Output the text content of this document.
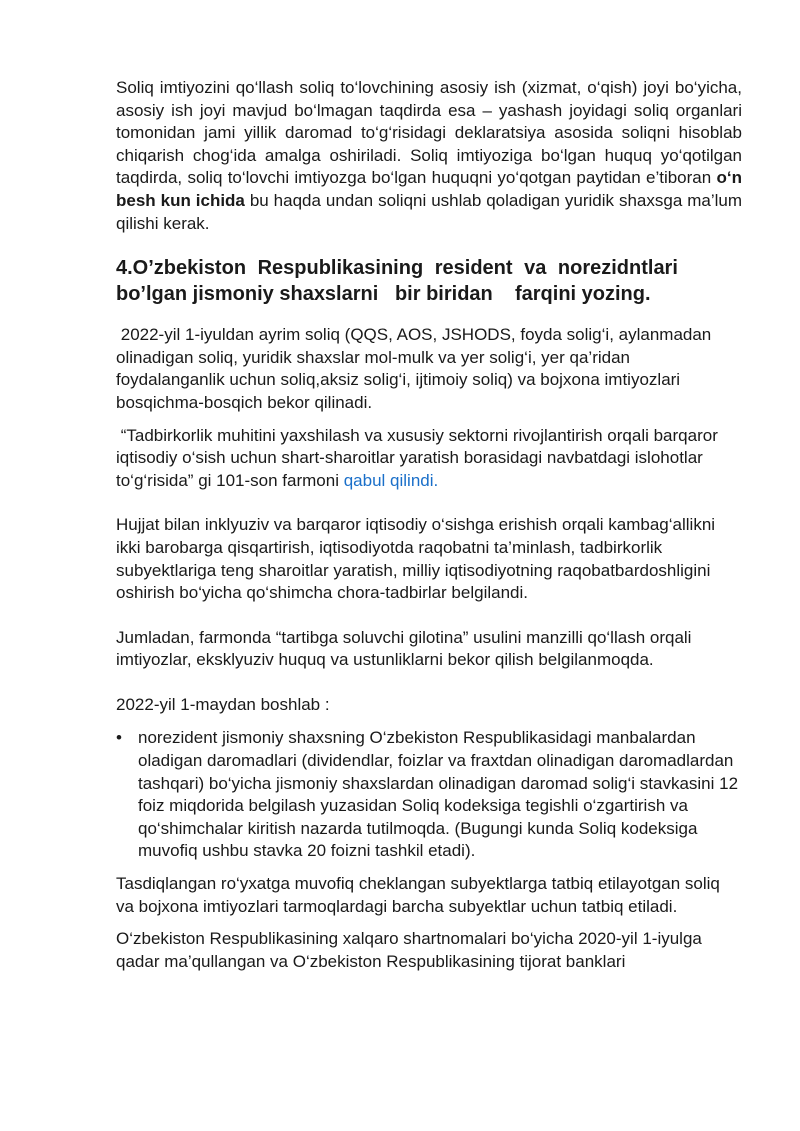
Soliq imtiyozini qo‘llash soliq to‘lovchining asosiy ish (xizmat, o‘qish) joyi bo‘yicha, asosiy ish joyi mavjud bo‘lmagan taqdirda esa – yashash joyidagi soliq organlari tomonidan jami yillik daromad to‘g‘risidagi deklaratsiya asosida soliqni hisoblab chiqarish chog‘ida amalga oshiriladi. Soliq imtiyoziga bo‘lgan huquq yo‘qotilgan taqdirda, soliq to‘lovchi imtiyozga bo‘lgan huquqni yo‘qotgan paytidan e’tiboran o‘n besh kun ichida bu haqda undan soliqni ushlab qoladigan yuridik shaxsga ma’lum qilishi kerak.

4.O’zbekiston Respublikasining resident va norezidntlari
bo’lgan jismoniy shaxslarni   bir biridan    farqini yozing.

2022-yil 1-iyuldan ayrim soliq (QQS, AOS, JSHODS, foyda solig‘i, aylanmadan olinadigan soliq, yuridik shaxslar mol-mulk va yer solig‘i, yer qa’ridan foydalanganlik uchun soliq,aksiz solig‘i, ijtimoiy soliq) va bojxona imtiyozlari bosqichma-bosqich bekor qilinadi.

“Tadbirkorlik muhitini yaxshilash va xususiy sektorni rivojlantirish orqali barqaror iqtisodiy o‘sish uchun shart-sharoitlar yaratish borasidagi navbatdagi islohotlar to‘g‘risida” gi 101-son farmoni qabul qilindi.

Hujjat bilan inklyuziv va barqaror iqtisodiy o‘sishga erishish orqali kambag‘allikni ikki barobarga qisqartirish, iqtisodiyotda raqobatni ta’minlash, tadbirkorlik subyektlariga teng sharoitlar yaratish, milliy iqtisodiyotning raqobatbardoshligini oshirish bo‘yicha qo‘shimcha chora-tadbirlar belgilandi.

Jumladan, farmonda “tartibga soluvchi gilotina” usulini manzilli qo‘llash orqali imtiyozlar, eksklyuziv huquq va ustunliklarni bekor qilish belgilanmoqda.

2022-yil 1-maydan boshlab :

• norezident jismoniy shaxsning O‘zbekiston Respublikasidagi manbalardan oladigan daromadlari (dividendlar, foizlar va fraxtdan olinadigan daromadlardan tashqari) bo‘yicha jismoniy shaxslardan olinadigan daromad solig‘i stavkasini 12 foiz miqdorida belgilash yuzasidan Soliq kodeksiga tegishli o‘zgartirish va qo‘shimchalar kiritish nazarda tutilmoqda. (Bugungi kunda Soliq kodeksiga muvofiq ushbu stavka 20 foizni tashkil etadi).

Tasdiqlangan ro‘yxatga muvofiq cheklangan subyektlarga tatbiq etilayotgan soliq va bojxona imtiyozlari tarmoqlardagi barcha subyektlar uchun tatbiq etiladi.

O‘zbekiston Respublikasining xalqaro shartnomalari bo‘yicha 2020-yil 1-iyulga qadar ma’qullangan va O‘zbekiston Respublikasining tijorat banklari
